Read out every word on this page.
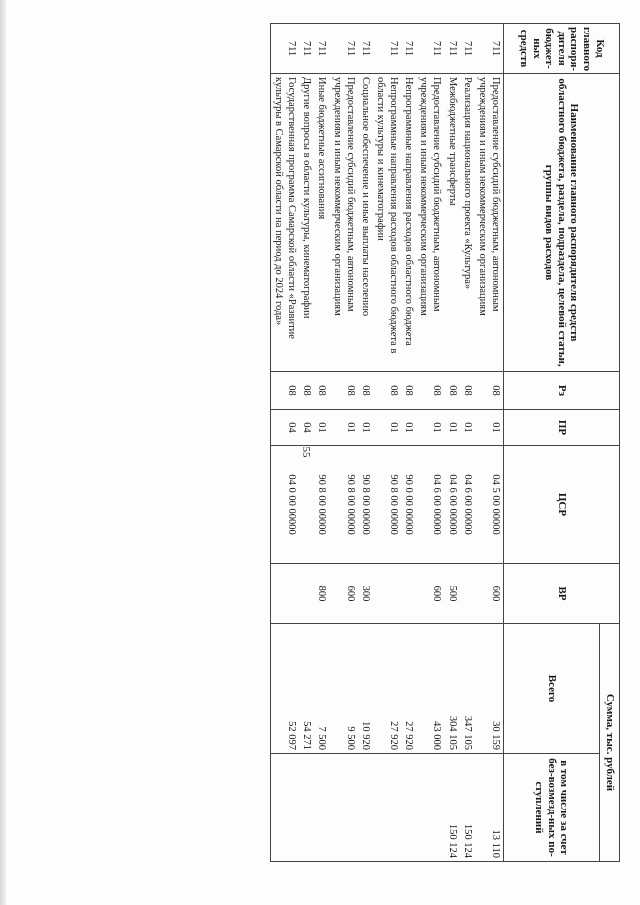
55
Код главного распоря-дителя бюджет-ных средств	Наименование главного распорядителя средств областного бюджета, раздела, подраздела, целевой статьи, группы видов расходов	Рз	ПР	ЦСР	ВР	Сумма, тыс. рублей	
						Всего	в том числе за счет без-возмезд-ных по-ступлений
711	Предоставление субсидий бюджетным, автономным учреждениям и иным некоммерческим организациям	08	01	04 5 00 00000	600	30 159	13 110
711	Реализация национального проекта «Культура»	08	01	04 6 00 00000		347 105	150 124
711	Межбюджетные трансферты	08	01	04 6 00 00000	500	304 105	150 124
711	Предоставление субсидий бюджетным, автономным учреждениям и иным некоммерческим организациям	08	01	04 6 00 00000	600	43 000	
711	Непрограммные направления расходов областного бюджета	08	01	90 0 00 00000		27 920	
711	Непрограммные направления расходов областного бюджета в области культуры и кинематографии	08	01	90 8 00 00000		27 920	
711	Социальное обеспечение и иные выплаты населению	08	01	90 8 00 00000	300	10 920	
711	Предоставление субсидий бюджетным, автономным учреждениям и иным некоммерческим организациям	08	01	90 8 00 00000	600	9 500	
711	Иные бюджетные ассигнования	08	01	90 8 00 00000	800	7 500	
711	Другие вопросы в области культуры, кинематографии	08	04			54 271	
711	Государственная программа Самарской области «Развитие культуры в Самарской области на период до 2024 года»	08	04	04 0 00 00000		52 097	
